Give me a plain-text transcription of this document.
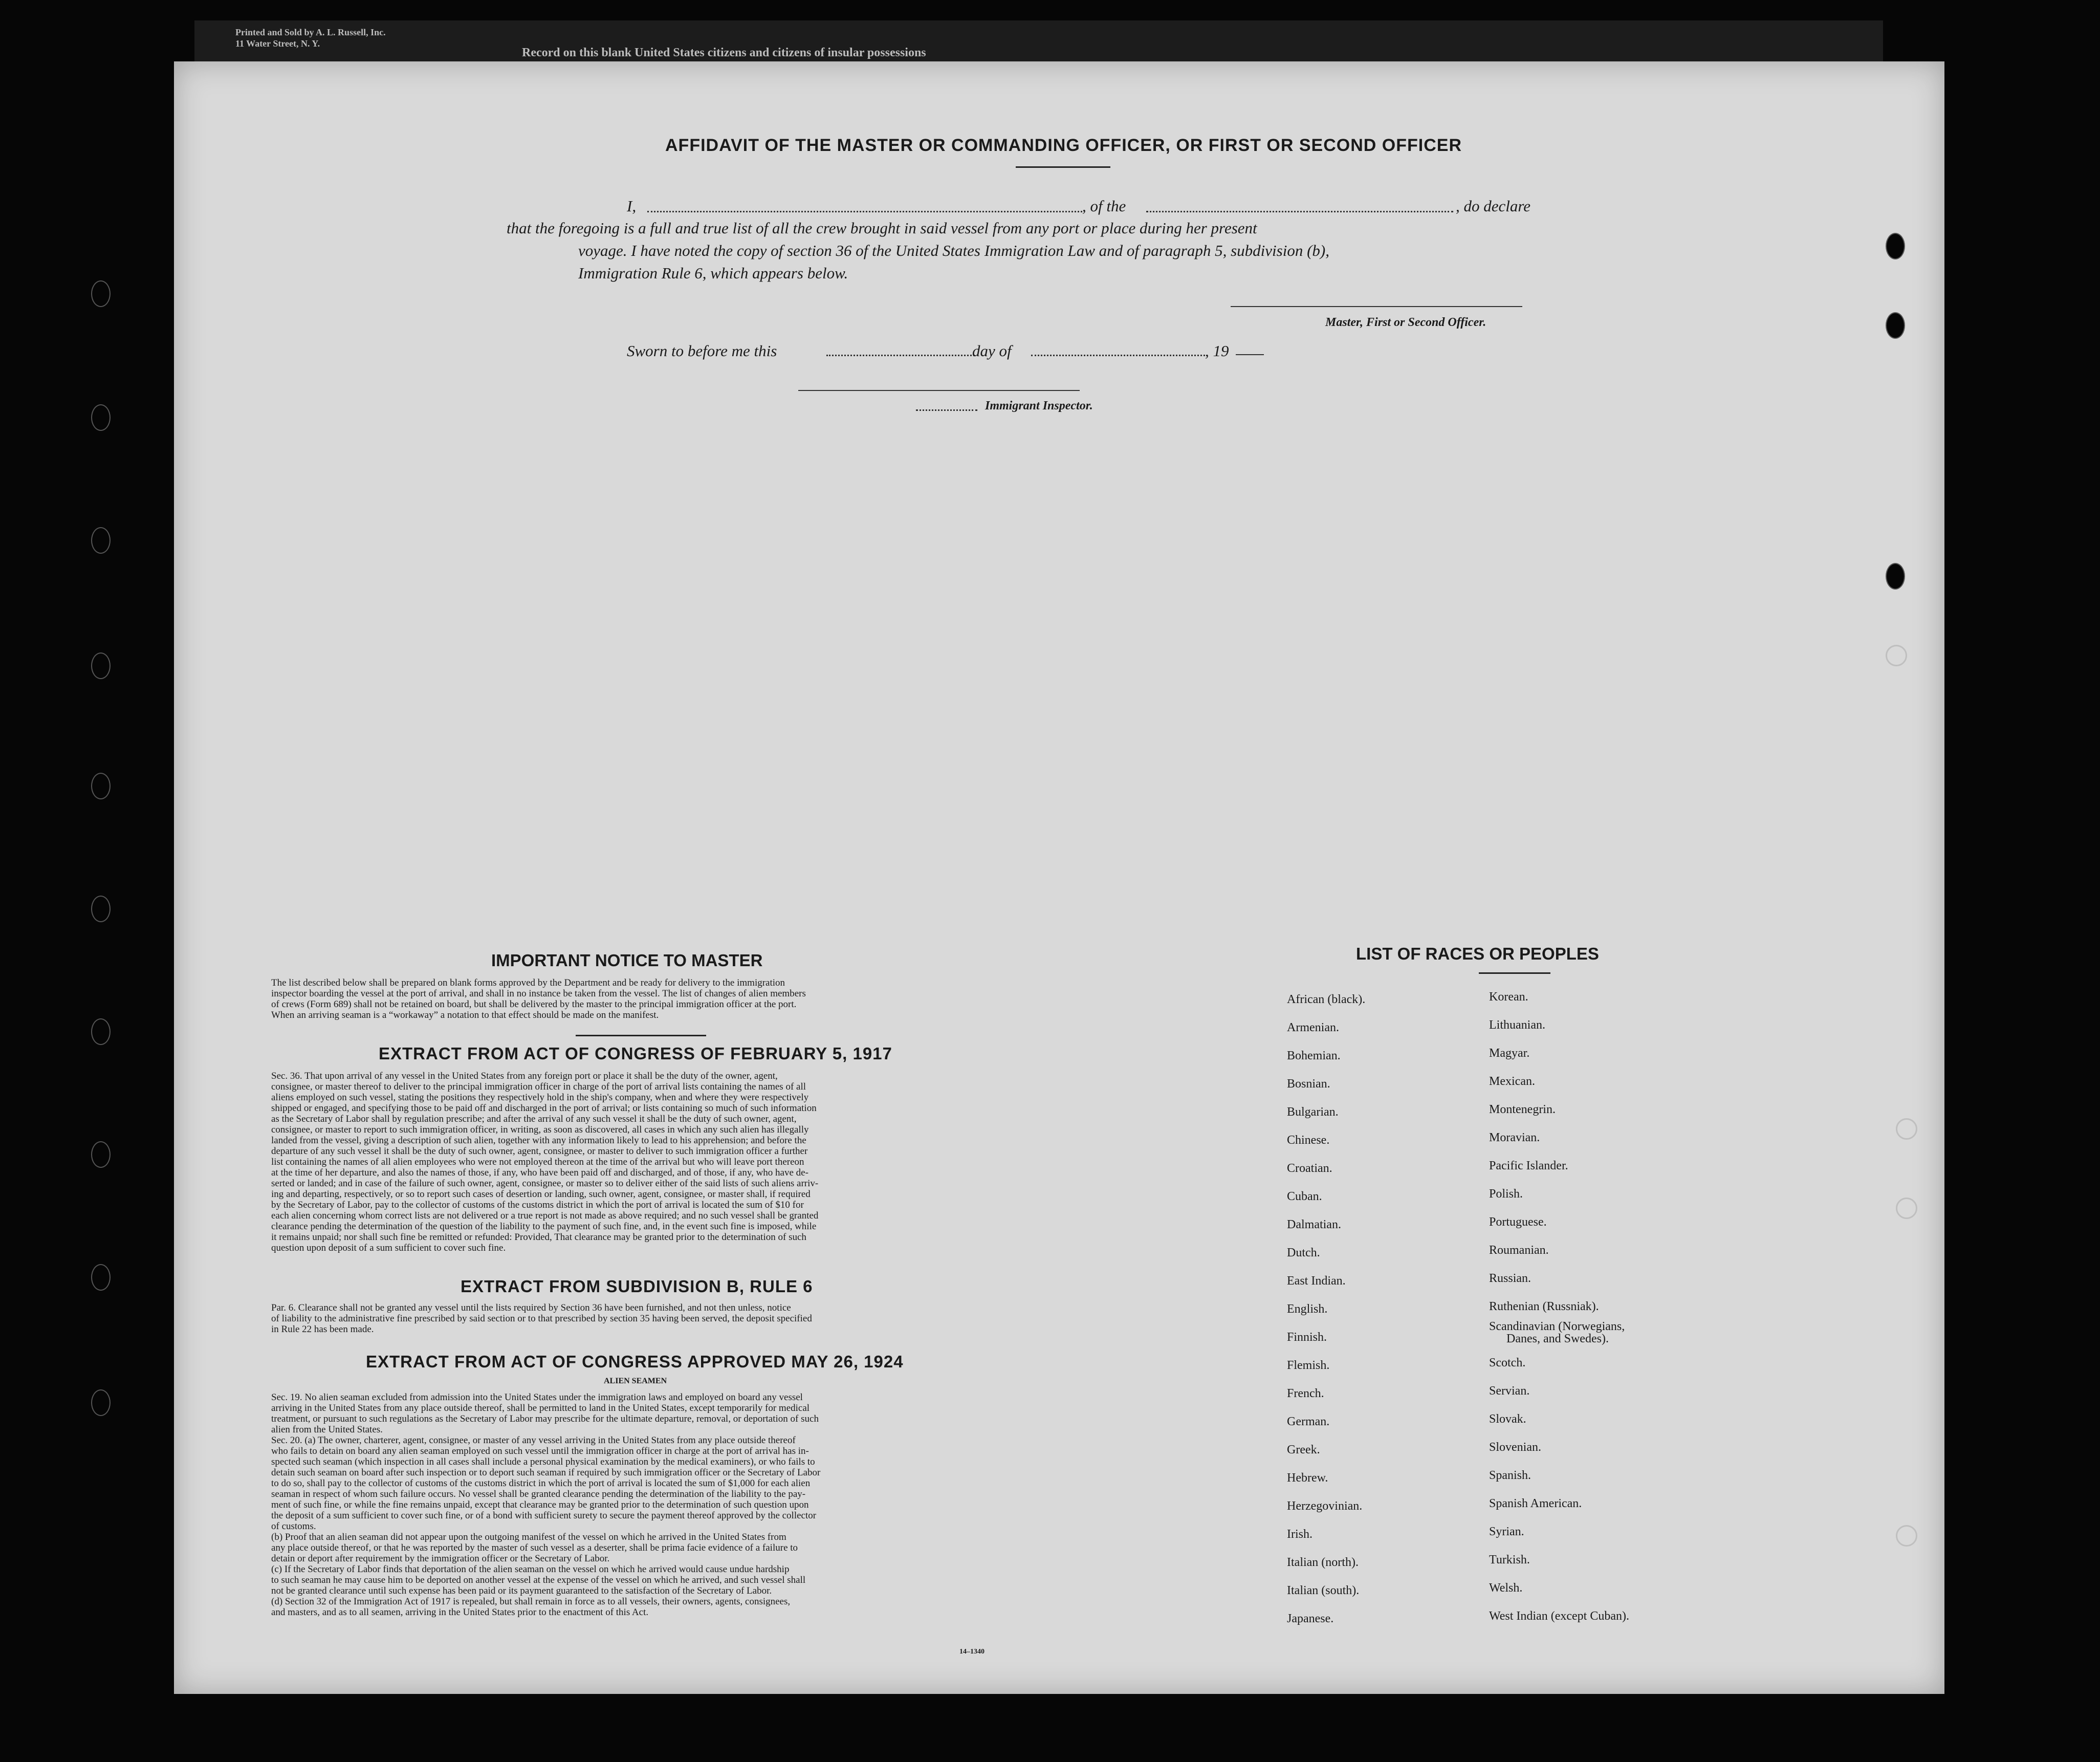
Printed and Sold by A. L. Russell, Inc.
11 Water Street, N. Y.
Record on this blank United States citizens and citizens of insular possessions
AFFIDAVIT OF THE MASTER OR COMMANDING OFFICER, OR FIRST OR SECOND OFFICER
I,	, of the	, do declare
that the foregoing is a full and true list of all the crew brought in said vessel from any port or place during her present
voyage. I have noted the copy of section 36 of the United States Immigration Law and of paragraph 5, subdivision (b),
Immigration Rule 6, which appears below.
Master, First or Second Officer.
Sworn to before me this	day of	, 19
Immigrant Inspector.
IMPORTANT NOTICE TO MASTER
The list described below shall be prepared on blank forms approved by the Department and be ready for delivery to the immigration
inspector boarding the vessel at the port of arrival, and shall in no instance be taken from the vessel. The list of changes of alien members
of crews (Form 689) shall not be retained on board, but shall be delivered by the master to the principal immigration officer at the port.
When an arriving seaman is a “workaway” a notation to that effect should be made on the manifest.
EXTRACT FROM ACT OF CONGRESS OF FEBRUARY 5, 1917
Sec. 36. That upon arrival of any vessel in the United States from any foreign port or place it shall be the duty of the owner, agent,
consignee, or master thereof to deliver to the principal immigration officer in charge of the port of arrival lists containing the names of all
aliens employed on such vessel, stating the positions they respectively hold in the ship's company, when and where they were respectively
shipped or engaged, and specifying those to be paid off and discharged in the port of arrival; or lists containing so much of such information
as the Secretary of Labor shall by regulation prescribe; and after the arrival of any such vessel it shall be the duty of such owner, agent,
consignee, or master to report to such immigration officer, in writing, as soon as discovered, all cases in which any such alien has illegally
landed from the vessel, giving a description of such alien, together with any information likely to lead to his apprehension; and before the
departure of any such vessel it shall be the duty of such owner, agent, consignee, or master to deliver to such immigration officer a further
list containing the names of all alien employees who were not employed thereon at the time of the arrival but who will leave port thereon
at the time of her departure, and also the names of those, if any, who have been paid off and discharged, and of those, if any, who have de-
serted or landed; and in case of the failure of such owner, agent, consignee, or master so to deliver either of the said lists of such aliens arriv-
ing and departing, respectively, or so to report such cases of desertion or landing, such owner, agent, consignee, or master shall, if required
by the Secretary of Labor, pay to the collector of customs of the customs district in which the port of arrival is located the sum of $10 for
each alien concerning whom correct lists are not delivered or a true report is not made as above required; and no such vessel shall be granted
clearance pending the determination of the question of the liability to the payment of such fine, and, in the event such fine is imposed, while
it remains unpaid; nor shall such fine be remitted or refunded: Provided, That clearance may be granted prior to the determination of such
question upon deposit of a sum sufficient to cover such fine.
EXTRACT FROM SUBDIVISION B, RULE 6
Par. 6. Clearance shall not be granted any vessel until the lists required by Section 36 have been furnished, and not then unless, notice
of liability to the administrative fine prescribed by said section or to that prescribed by section 35 having been served, the deposit specified
in Rule 22 has been made.
EXTRACT FROM ACT OF CONGRESS APPROVED MAY 26, 1924
ALIEN SEAMEN
Sec. 19. No alien seaman excluded from admission into the United States under the immigration laws and employed on board any vessel
arriving in the United States from any place outside thereof, shall be permitted to land in the United States, except temporarily for medical
treatment, or pursuant to such regulations as the Secretary of Labor may prescribe for the ultimate departure, removal, or deportation of such
alien from the United States.
Sec. 20. (a) The owner, charterer, agent, consignee, or master of any vessel arriving in the United States from any place outside thereof
who fails to detain on board any alien seaman employed on such vessel until the immigration officer in charge at the port of arrival has in-
spected such seaman (which inspection in all cases shall include a personal physical examination by the medical examiners), or who fails to
detain such seaman on board after such inspection or to deport such seaman if required by such immigration officer or the Secretary of Labor
to do so, shall pay to the collector of customs of the customs district in which the port of arrival is located the sum of $1,000 for each alien
seaman in respect of whom such failure occurs. No vessel shall be granted clearance pending the determination of the liability to the pay-
ment of such fine, or while the fine remains unpaid, except that clearance may be granted prior to the determination of such question upon
the deposit of a sum sufficient to cover such fine, or of a bond with sufficient surety to secure the payment thereof approved by the collector
of customs.
(b) Proof that an alien seaman did not appear upon the outgoing manifest of the vessel on which he arrived in the United States from
any place outside thereof, or that he was reported by the master of such vessel as a deserter, shall be prima facie evidence of a failure to
detain or deport after requirement by the immigration officer or the Secretary of Labor.
(c) If the Secretary of Labor finds that deportation of the alien seaman on the vessel on which he arrived would cause undue hardship
to such seaman he may cause him to be deported on another vessel at the expense of the vessel on which he arrived, and such vessel shall
not be granted clearance until such expense has been paid or its payment guaranteed to the satisfaction of the Secretary of Labor.
(d) Section 32 of the Immigration Act of 1917 is repealed, but shall remain in force as to all vessels, their owners, agents, consignees,
and masters, and as to all seamen, arriving in the United States prior to the enactment of this Act.
14–1340
LIST OF RACES OR PEOPLES
African (black).
Armenian.
Bohemian.
Bosnian.
Bulgarian.
Chinese.
Croatian.
Cuban.
Dalmatian.
Dutch.
East Indian.
English.
Finnish.
Flemish.
French.
German.
Greek.
Hebrew.
Herzegovinian.
Irish.
Italian (north).
Italian (south).
Japanese.
Korean.
Lithuanian.
Magyar.
Mexican.
Montenegrin.
Moravian.
Pacific Islander.
Polish.
Portuguese.
Roumanian.
Russian.
Ruthenian (Russniak).
Scandinavian (Norwegians,
Danes, and Swedes).
Scotch.
Servian.
Slovak.
Slovenian.
Spanish.
Spanish American.
Syrian.
Turkish.
Welsh.
West Indian (except Cuban).
